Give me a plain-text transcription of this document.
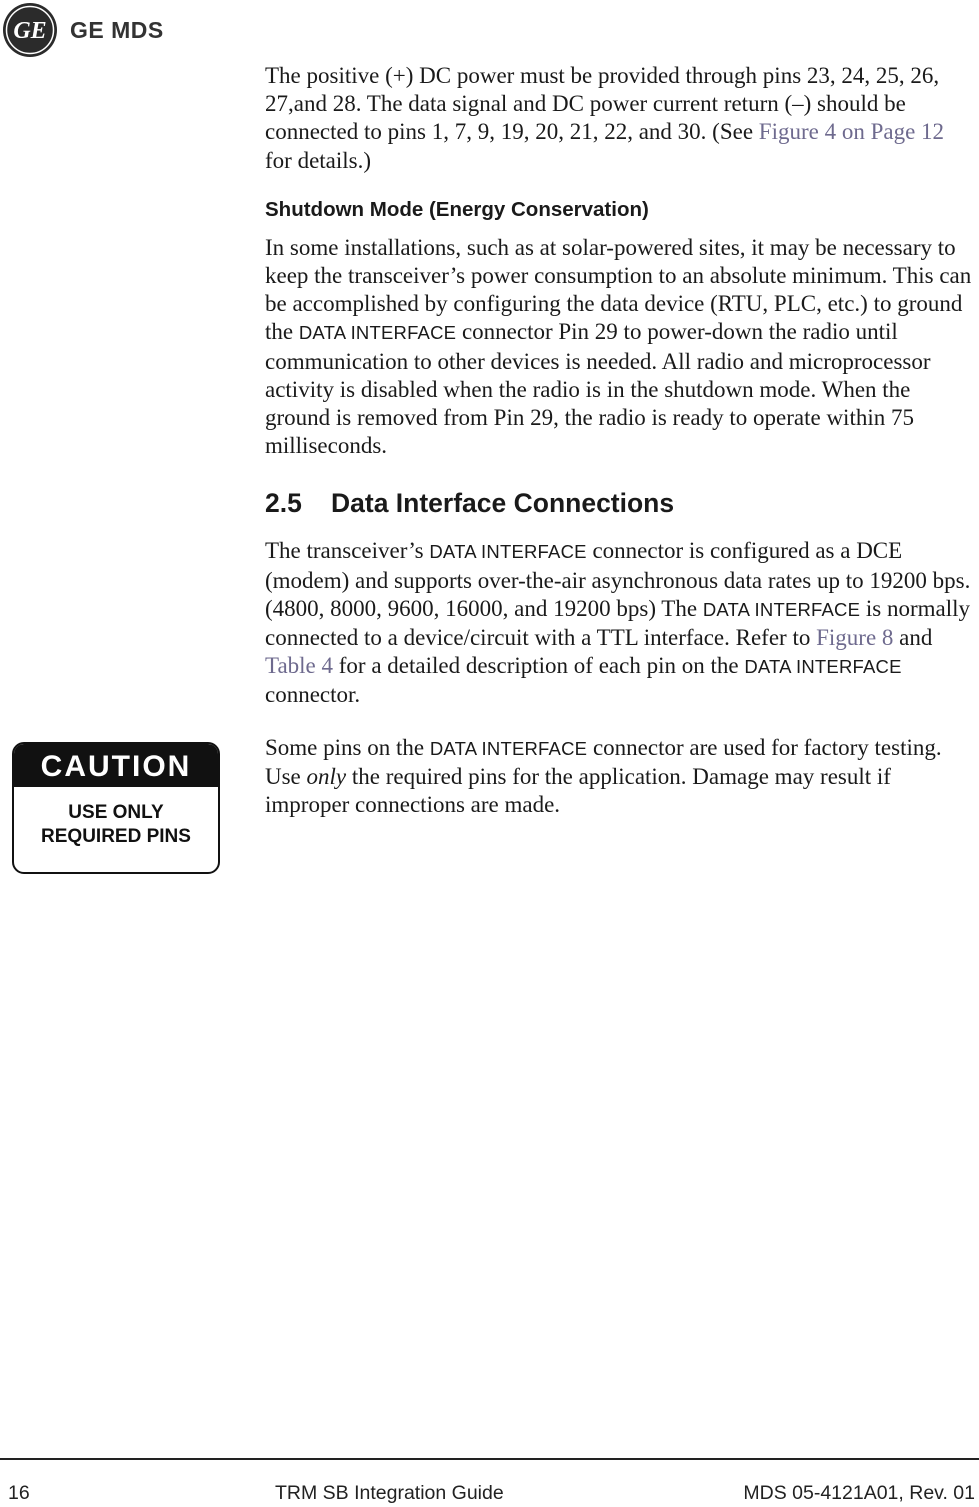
GE GE MDS

The positive (+) DC power must be provided through pins 23, 24, 25, 26, 27,and 28. The data signal and DC power current return (–) should be connected to pins 1, 7, 9, 19, 20, 21, 22, and 30. (See Figure 4 on Page 12 for details.)

Shutdown Mode (Energy Conservation)

In some installations, such as at solar-powered sites, it may be necessary to keep the transceiver’s power consumption to an absolute minimum. This can be accomplished by configuring the data device (RTU, PLC, etc.) to ground the DATA INTERFACE connector Pin 29 to power-down the radio until communication to other devices is needed. All radio and microprocessor activity is disabled when the radio is in the shutdown mode. When the ground is removed from Pin 29, the radio is ready to operate within 75 milliseconds.

2.5	Data Interface Connections

The transceiver’s DATA INTERFACE connector is configured as a DCE (modem) and supports over-the-air asynchronous data rates up to 19200 bps. (4800, 8000, 9600, 16000, and 19200 bps) The DATA INTERFACE is normally connected to a device/circuit with a TTL interface. Refer to Figure 8 and Table 4 for a detailed description of each pin on the DATA INTERFACE connector.

Some pins on the DATA INTERFACE connector are used for factory testing. Use only the required pins for the application. Damage may result if improper connections are made.

CAUTION
USE ONLY
REQUIRED PINS
16	TRM SB Integration Guide	MDS 05-4121A01, Rev. 01
